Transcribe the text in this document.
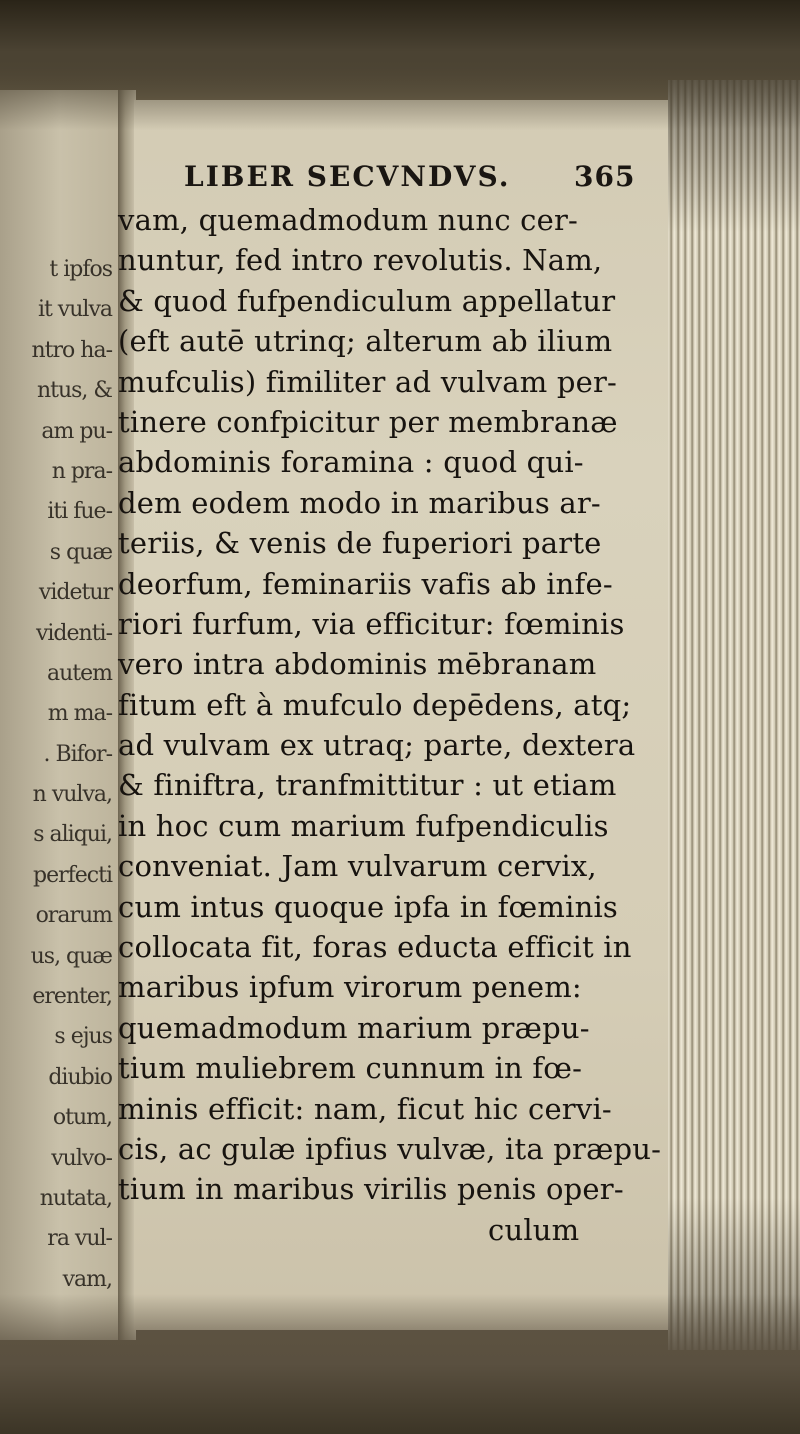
t ipfos
it vulva
ntro ha-
ntus, &
am pu-
n pra-
iti fue-
s quæ
videtur
videnti-
autem
m ma-
. Bifor-
n vulva,
s aliqui,
perfecti
orarum
us, quæ
erenter,
s ejus
diubio
otum,
vulvo-
nutata,
ra vul-
vam,
LIBER SECVNDVS. 365
vam, quemadmodum nunc cer-
nuntur, fed intro revolutis. Nam,
& quod fufpendiculum appellatur
(eft autē utrinq; alterum ab ilium
mufculis) fimiliter ad vulvam per-
tinere confpicitur per membranæ
abdominis foramina : quod qui-
dem eodem modo in maribus ar-
teriis, & venis de fuperiori parte
deorfum, feminariis vafis ab infe-
riori furfum, via efficitur: fœminis
vero intra abdominis mēbranam
fitum eft à mufculo depēdens, atq;
ad vulvam ex utraq; parte, dextera
& finiftra, tranfmittitur : ut etiam
in hoc cum marium fufpendiculis
conveniat. Jam vulvarum cervix,
cum intus quoque ipfa in fœminis
collocata fit, foras educta efficit in
maribus ipfum virorum penem:
quemadmodum marium præpu-
tium muliebrem cunnum in fœ-
minis efficit: nam, ficut hic cervi-
cis, ac gulæ ipfius vulvæ, ita præpu-
tium in maribus virilis penis oper-
culum
